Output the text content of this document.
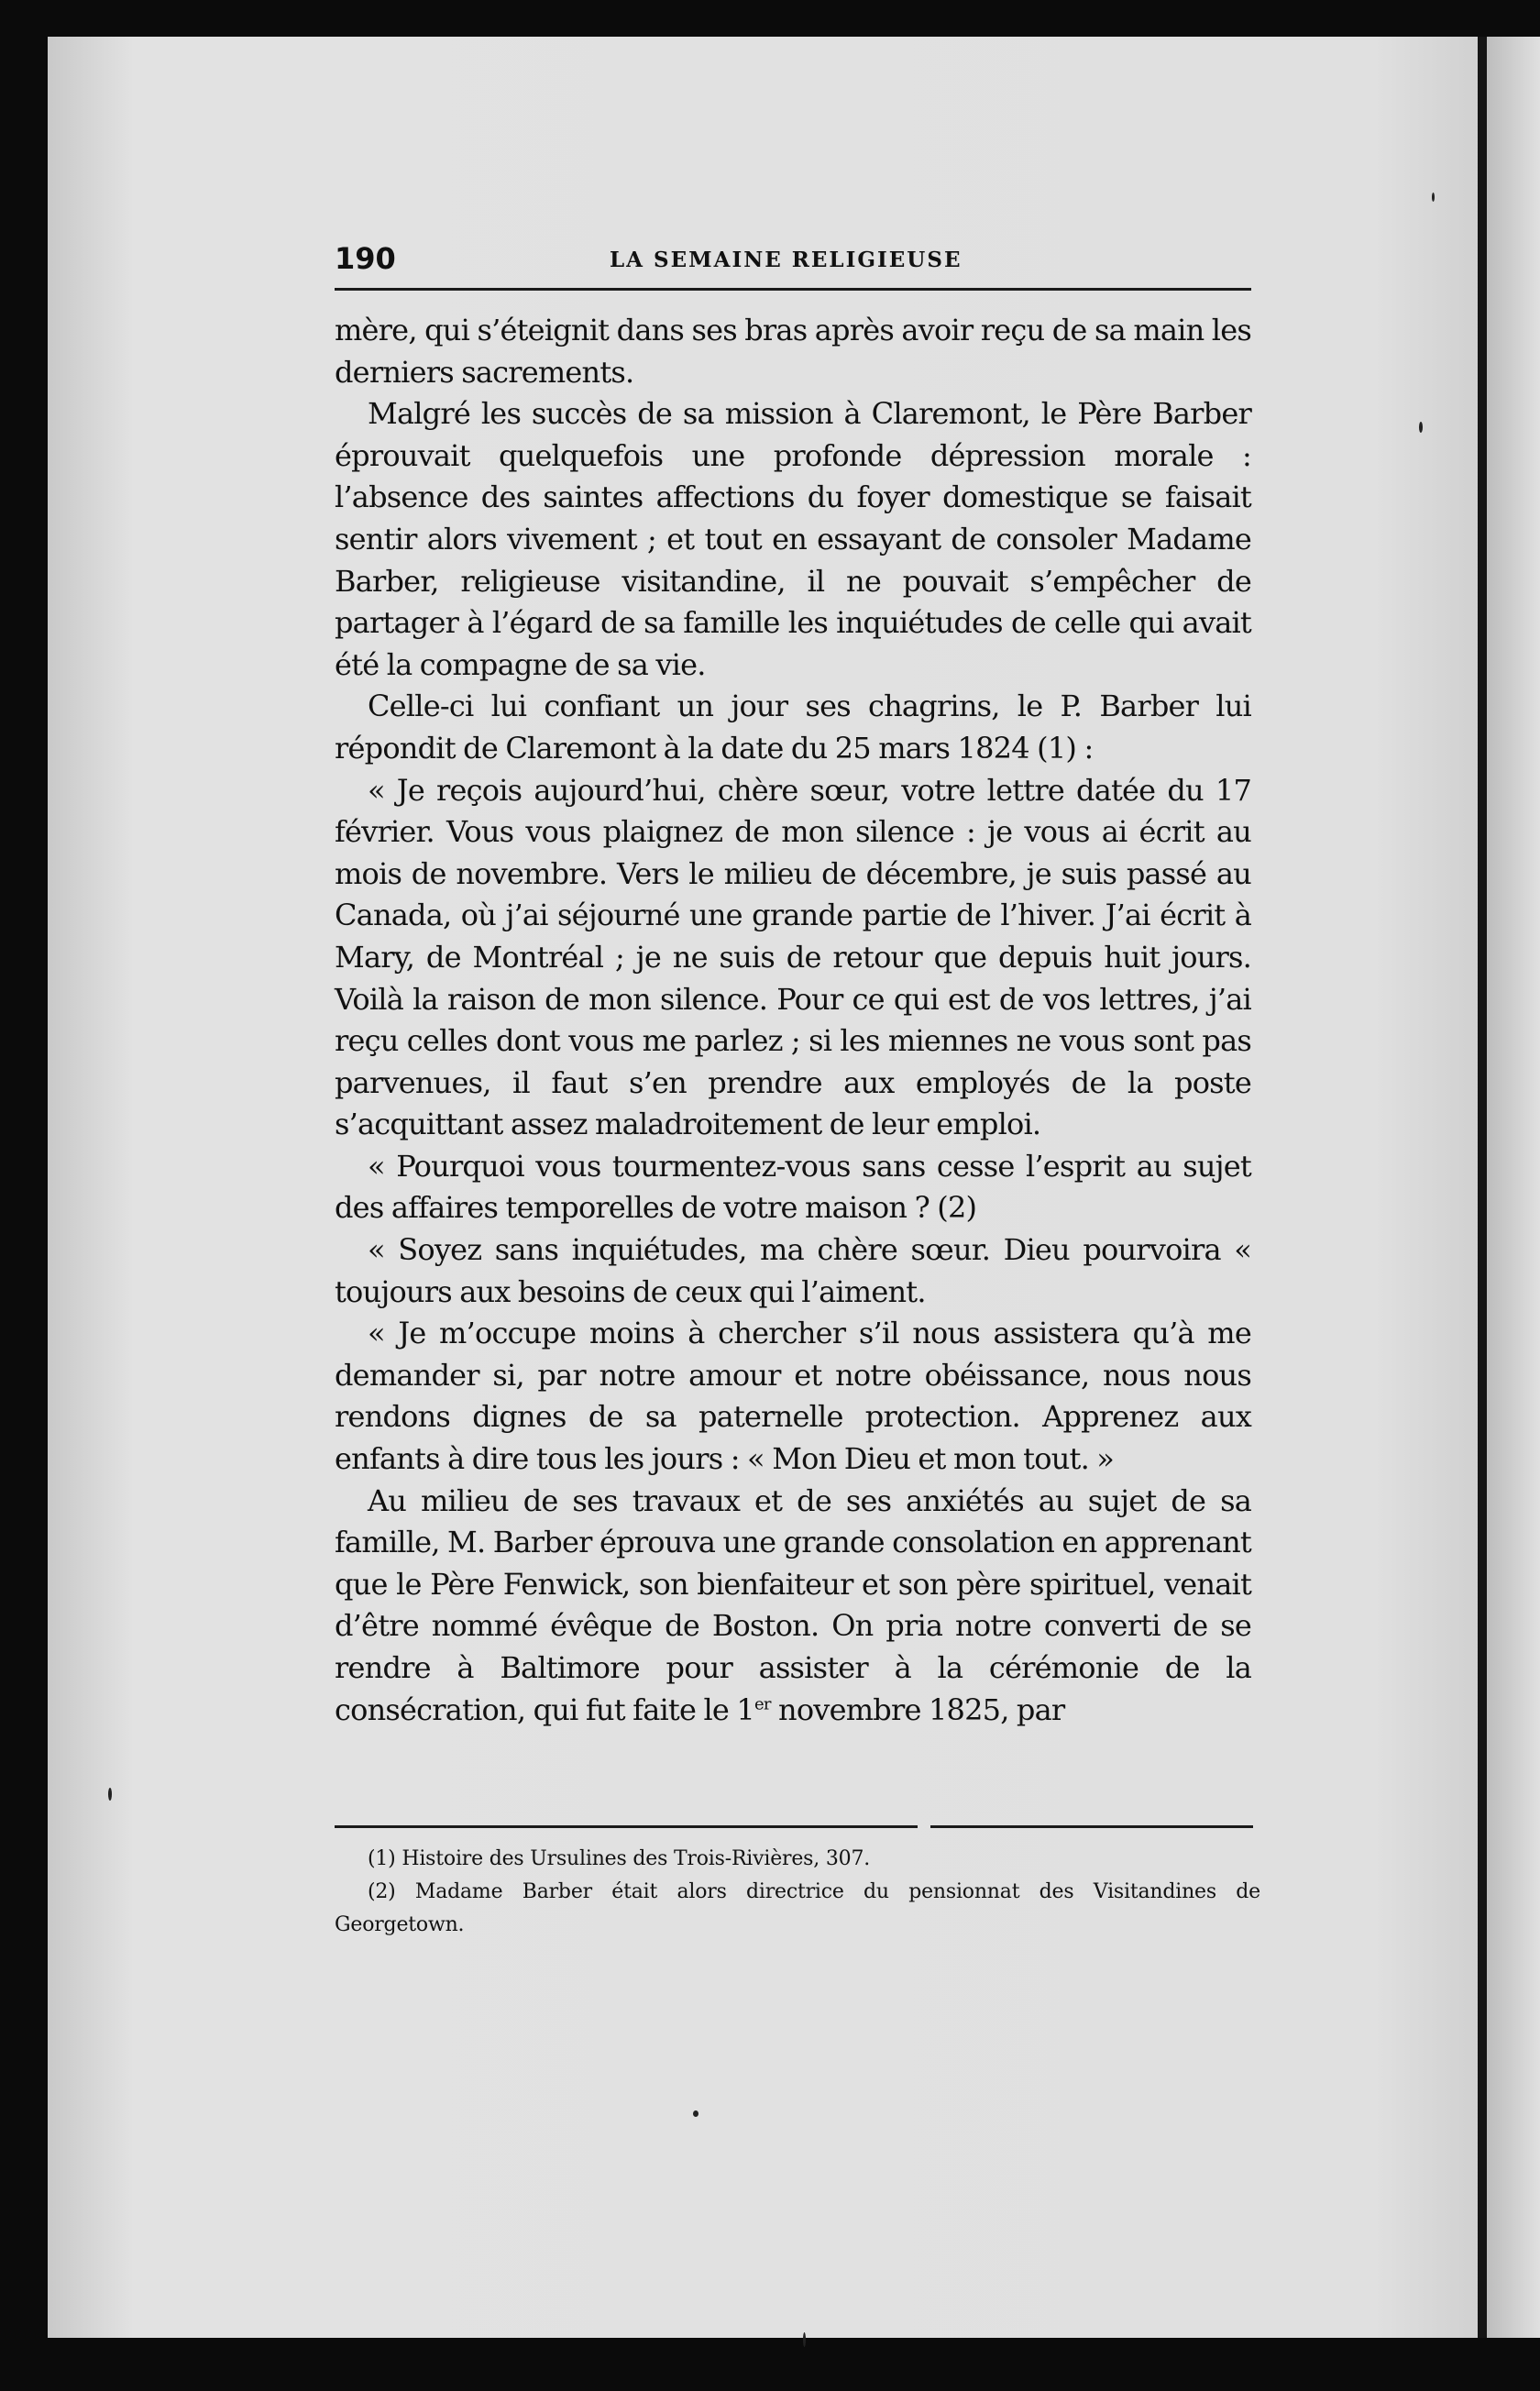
190	LA SEMAINE RELIGIEUSE

mère, qui s’éteignit dans ses bras après avoir reçu de sa main les derniers sacrements.

Malgré les succès de sa mission à Claremont, le Père Barber éprouvait quelquefois une profonde dépression morale : l’absence des saintes affections du foyer domestique se faisait sentir alors vivement ; et tout en essayant de consoler Madame Barber, religieuse visitandine, il ne pouvait s’empêcher de partager à l’égard de sa famille les inquiétudes de celle qui avait été la compagne de sa vie.

Celle-ci lui confiant un jour ses chagrins, le P. Barber lui répondit de Claremont à la date du 25 mars 1824 (1) :

« Je reçois aujourd’hui, chère sœur, votre lettre datée du 17 février. Vous vous plaignez de mon silence : je vous ai écrit au mois de novembre. Vers le milieu de décembre, je suis passé au Canada, où j’ai séjourné une grande partie de l’hiver. J’ai écrit à Mary, de Montréal ; je ne suis de retour que depuis huit jours. Voilà la raison de mon silence. Pour ce qui est de vos lettres, j’ai reçu celles dont vous me parlez ; si les miennes ne vous sont pas parvenues, il faut s’en prendre aux employés de la poste s’acquittant assez maladroitement de leur emploi.

« Pourquoi vous tourmentez-vous sans cesse l’esprit au sujet des affaires temporelles de votre maison ? (2)

« Soyez sans inquiétudes, ma chère sœur. Dieu pourvoira « toujours aux besoins de ceux qui l’aiment.

« Je m’occupe moins à chercher s’il nous assistera qu’à me demander si, par notre amour et notre obéissance, nous nous rendons dignes de sa paternelle protection. Apprenez aux enfants à dire tous les jours : « Mon Dieu et mon tout. »

Au milieu de ses travaux et de ses anxiétés au sujet de sa famille, M. Barber éprouva une grande consolation en apprenant que le Père Fenwick, son bienfaiteur et son père spirituel, venait d’être nommé évêque de Boston. On pria notre converti de se rendre à Baltimore pour assister à la cérémonie de la consécration, qui fut faite le 1er novembre 1825, par

(1) Histoire des Ursulines des Trois-Rivières, 307.

(2) Madame Barber était alors directrice du pensionnat des Visitandines de Georgetown.
